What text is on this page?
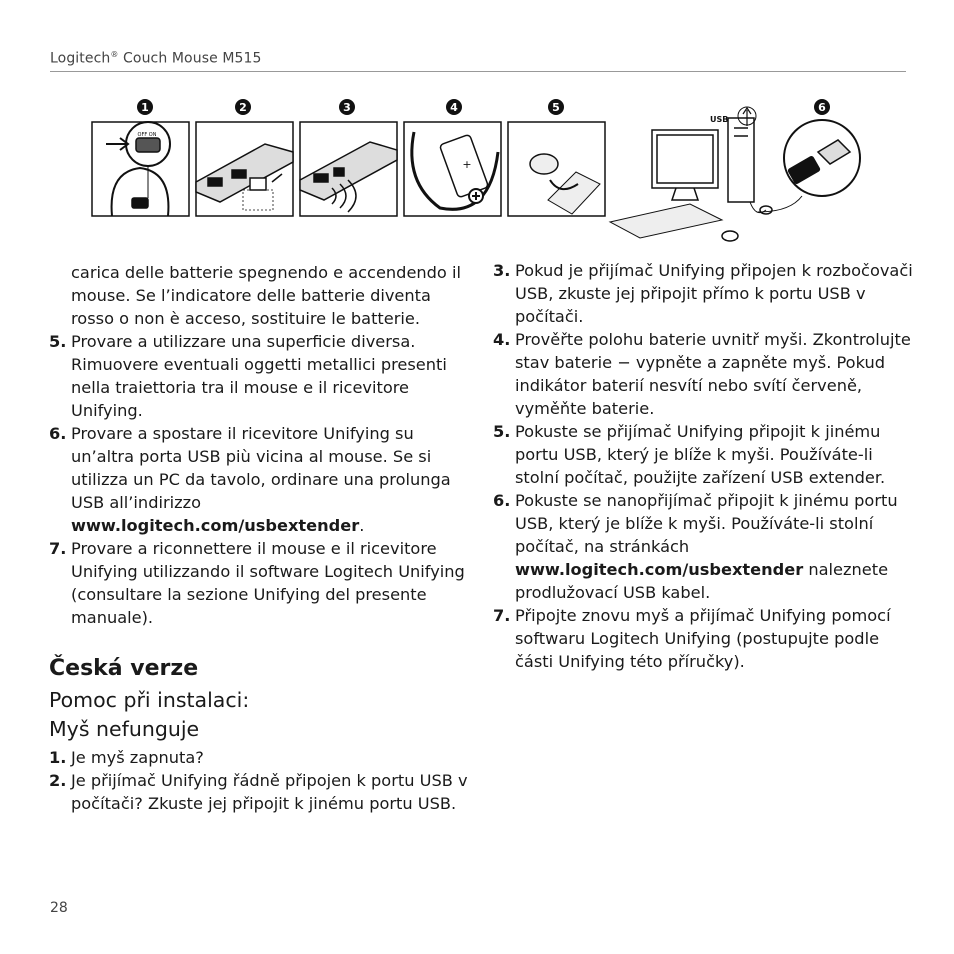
Logitech® Couch Mouse M515
1	2	3	4	5	6
OFF ON
+
USB

carica delle batterie spegnendo e accendendo il mouse. Se l’indicatore delle batterie diventa rosso o non è acceso, sostituire le batterie.

5. Provare a utilizzare una superficie diversa. Rimuovere eventuali oggetti metallici presenti nella traiettoria tra il mouse e il ricevitore Unifying.

6. Provare a spostare il ricevitore Unifying su un’altra porta USB più vicina al mouse. Se si utilizza un PC da tavolo, ordinare una prolunga USB all’indirizzo www.logitech.com/usbextender.

7. Provare a riconnettere il mouse e il ricevitore Unifying utilizzando il software Logitech Unifying (consultare la sezione Unifying del presente manuale).

Česká verze
Pomoc při instalaci:
Myš nefunguje

1. Je myš zapnuta?

2. Je přijímač Unifying řádně připojen k portu USB v počítači? Zkuste jej připojit k jinému portu USB.

3. Pokud je přijímač Unifying připojen k rozbočovači USB, zkuste jej připojit přímo k portu USB v počítači.

4. Prověřte polohu baterie uvnitř myši. Zkontrolujte stav baterie − vypněte a zapněte myš. Pokud indikátor baterií nesvítí nebo svítí červeně, vyměňte baterie.

5. Pokuste se přijímač Unifying připojit k jinému portu USB, který je blíže k myši. Používáte-li stolní počítač, použijte zařízení USB extender.

6. Pokuste se nanopřijímač připojit k jinému portu USB, který je blíže k myši. Používáte-li stolní počítač, na stránkách www.logitech.com/usbextender naleznete prodlužovací USB kabel.

7. Připojte znovu myš a přijímač Unifying pomocí softwaru Logitech Unifying (postupujte podle části Unifying této příručky).

28
